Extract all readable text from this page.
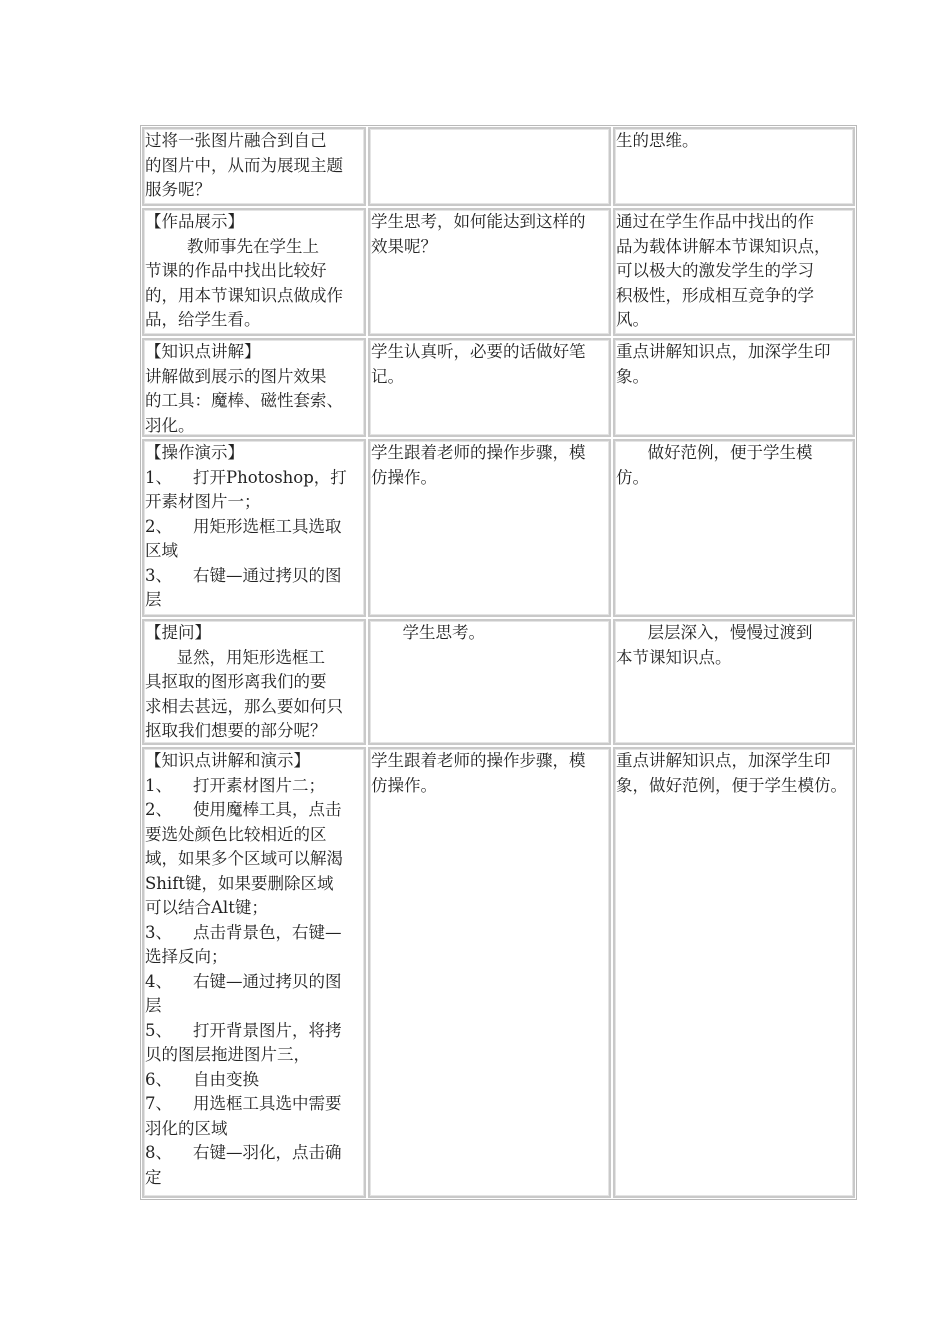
过将一张图片融合到自己
的图片中，从而为展现主题
服务呢？
生的思维。
【作品展示】
教师事先在学生上
节课的作品中找出比较好
的，用本节课知识点做成作
品，给学生看。
学生思考，如何能达到这样的
效果呢？
通过在学生作品中找出的作
品为载体讲解本节课知识点，
可以极大的激发学生的学习
积极性，形成相互竞争的学
风。
【知识点讲解】
讲解做到展示的图片效果
的工具：魔棒、磁性套索、
羽化。
学生认真听，必要的话做好笔
记。
重点讲解知识点，加深学生印
象。
【操作演示】
1、    打开Photoshop，打
开素材图片一；
2、    用矩形选框工具选取
区域
3、    右键—通过拷贝的图
层
学生跟着老师的操作步骤，模
仿操作。
做好范例，便于学生模
仿。
【提问】
显然，用矩形选框工
具抠取的图形离我们的要
求相去甚远，那么要如何只
抠取我们想要的部分呢？
学生思考。	层层深入，慢慢过渡到
本节课知识点。
【知识点讲解和演示】
1、    打开素材图片二；
2、    使用魔棒工具，点击
要选处颜色比较相近的区
域，如果多个区域可以解渴
Shift键，如果要删除区域
可以结合Alt键；
3、    点击背景色，右键—
选择反向；
4、    右键—通过拷贝的图
层
5、    打开背景图片，将拷
贝的图层拖进图片三，
6、    自由变换
7、    用选框工具选中需要
羽化的区域
8、    右键—羽化，点击确
定
学生跟着老师的操作步骤，模
仿操作。
重点讲解知识点，加深学生印
象，做好范例，便于学生模仿。
